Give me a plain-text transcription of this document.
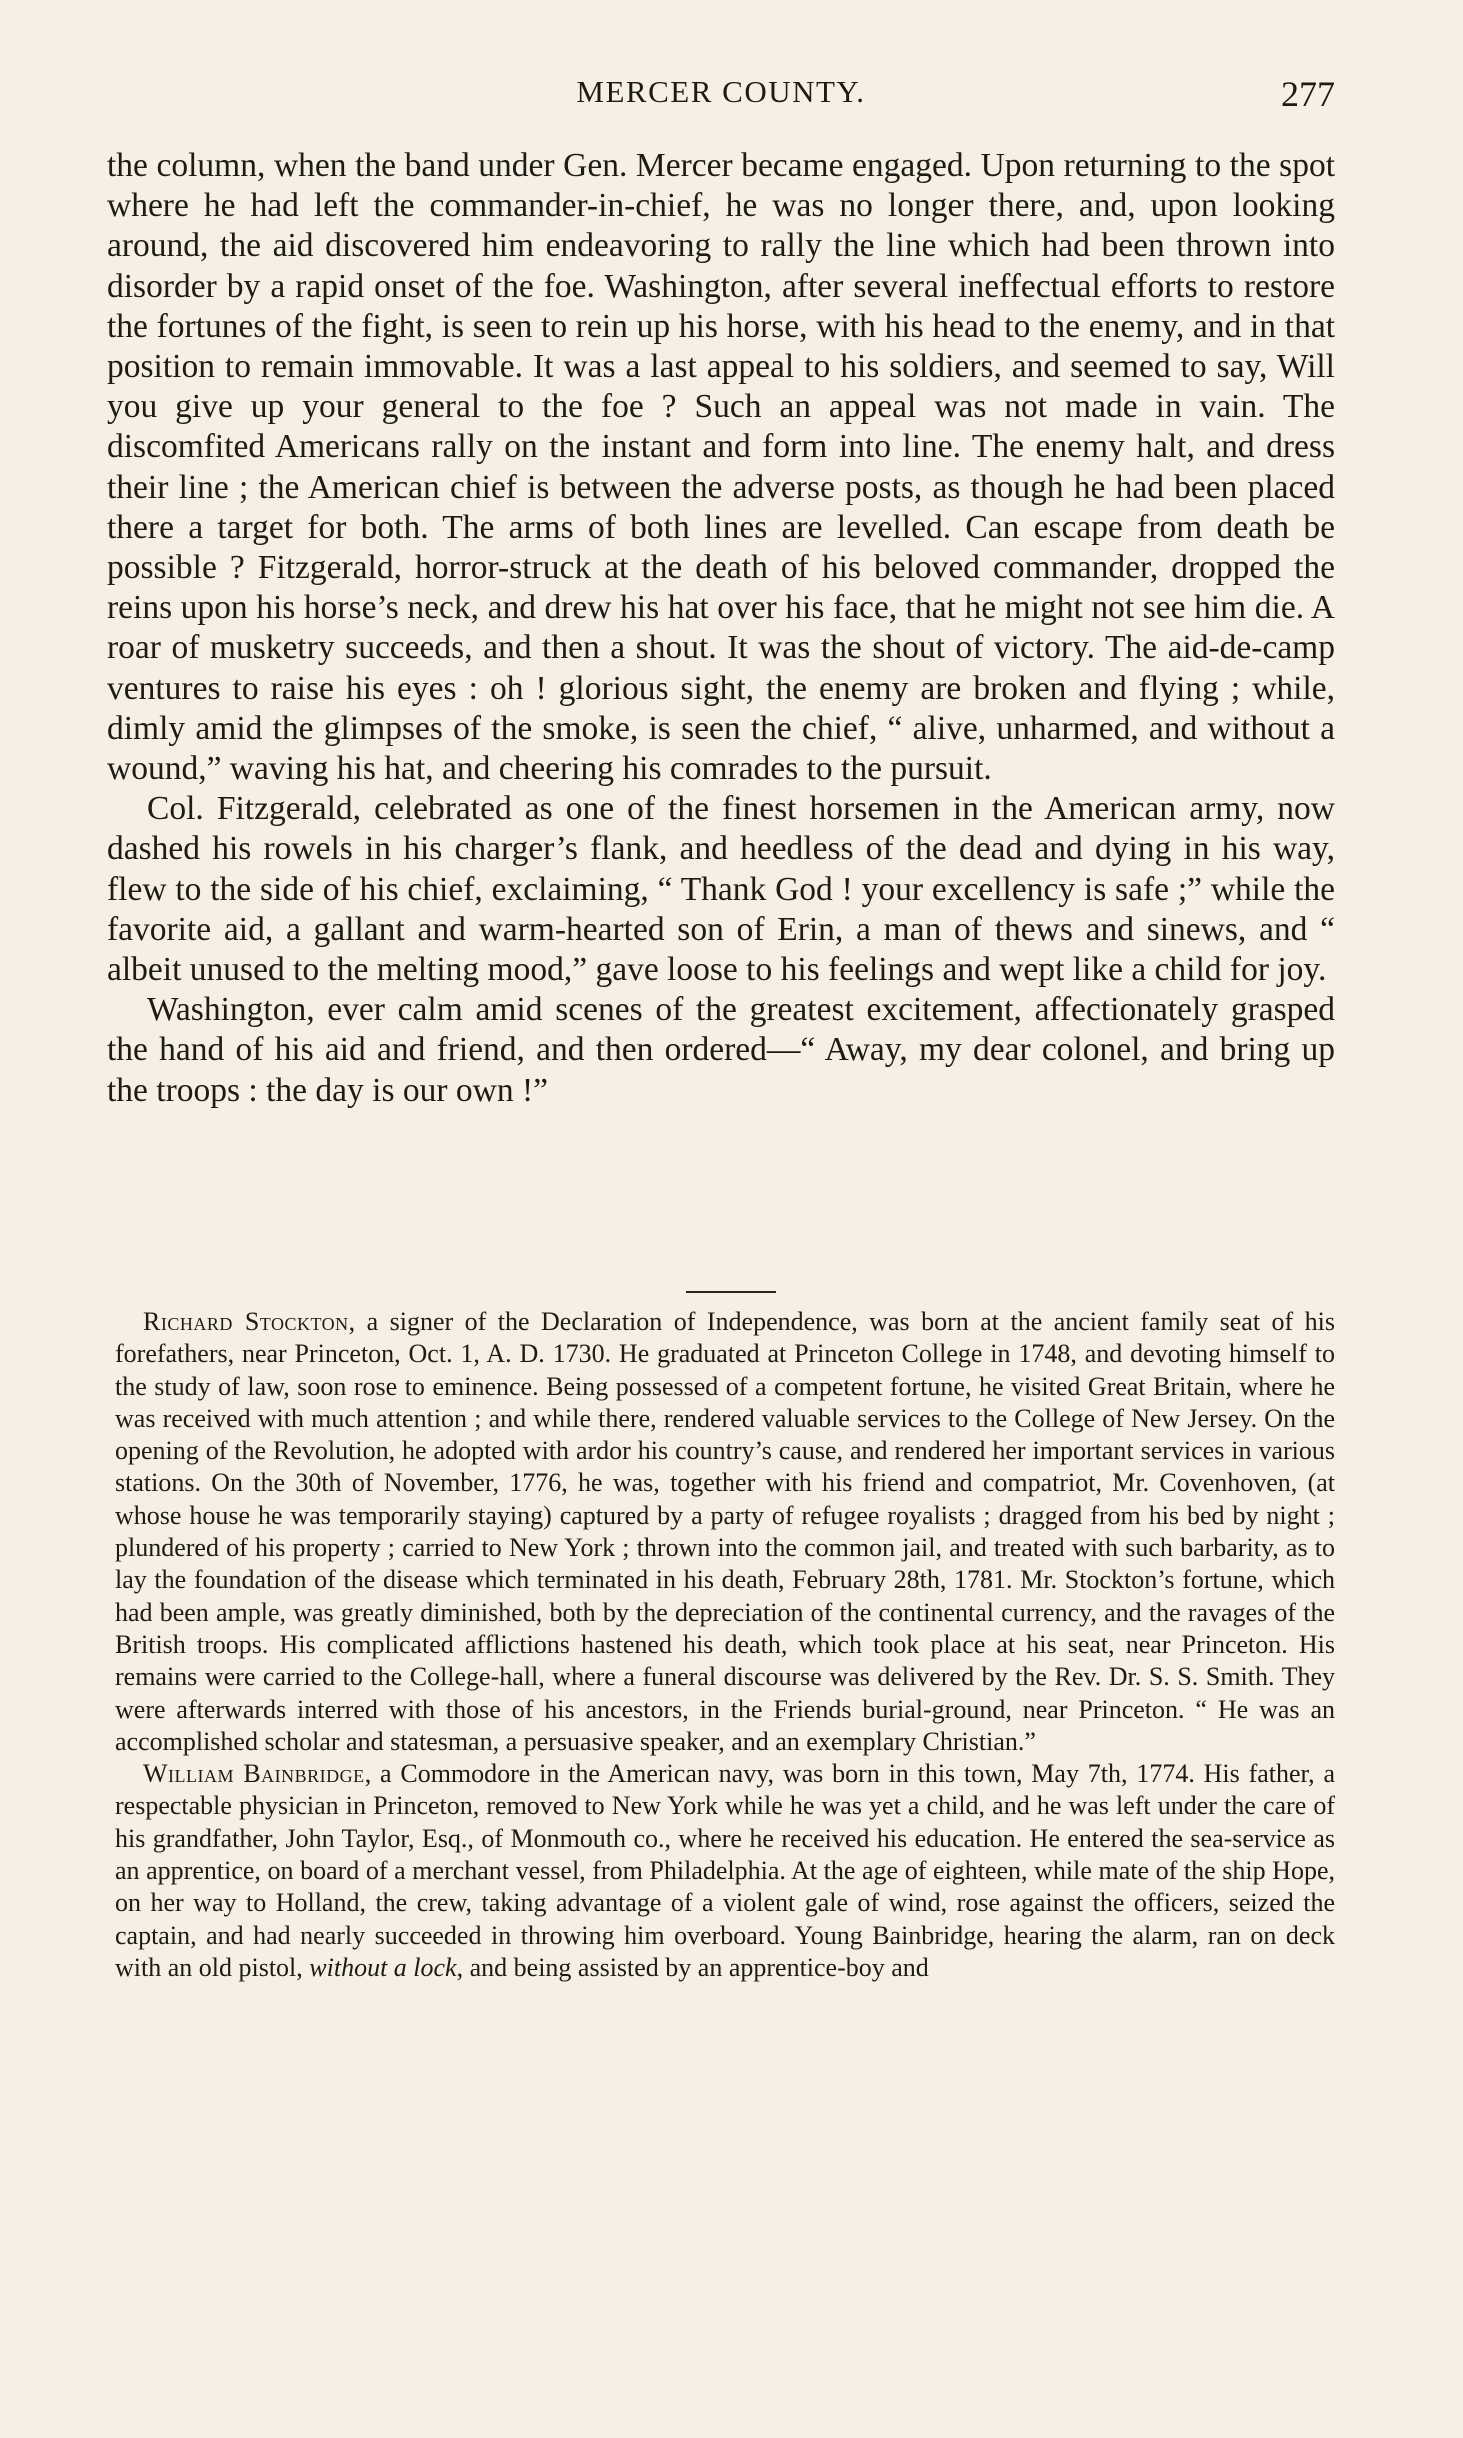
MERCER COUNTY.	277

the column, when the band under Gen. Mercer became engaged. Upon returning to the spot where he had left the commander-in-chief, he was no longer there, and, upon looking around, the aid discovered him endeavoring to rally the line which had been thrown into disorder by a rapid onset of the foe. Washington, after several ineffectual efforts to restore the fortunes of the fight, is seen to rein up his horse, with his head to the enemy, and in that position to remain immovable. It was a last appeal to his soldiers, and seemed to say, Will you give up your general to the foe ? Such an appeal was not made in vain. The discomfited Americans rally on the instant and form into line. The enemy halt, and dress their line ; the American chief is between the adverse posts, as though he had been placed there a target for both. The arms of both lines are levelled. Can escape from death be possible ? Fitzgerald, horror-struck at the death of his beloved commander, dropped the reins upon his horse’s neck, and drew his hat over his face, that he might not see him die. A roar of musketry succeeds, and then a shout. It was the shout of victory. The aid-de-camp ventures to raise his eyes : oh ! glorious sight, the enemy are broken and flying ; while, dimly amid the glimpses of the smoke, is seen the chief, “ alive, unharmed, and without a wound,” waving his hat, and cheering his comrades to the pursuit.

Col. Fitzgerald, celebrated as one of the finest horsemen in the American army, now dashed his rowels in his charger’s flank, and heedless of the dead and dying in his way, flew to the side of his chief, exclaiming, “ Thank God ! your excellency is safe ;” while the favorite aid, a gallant and warm-hearted son of Erin, a man of thews and sinews, and “ albeit unused to the melting mood,” gave loose to his feelings and wept like a child for joy.

Washington, ever calm amid scenes of the greatest excitement, affectionately grasped the hand of his aid and friend, and then ordered—“ Away, my dear colonel, and bring up the troops : the day is our own !”

Richard Stockton, a signer of the Declaration of Independence, was born at the ancient family seat of his forefathers, near Princeton, Oct. 1, A. D. 1730. He graduated at Princeton College in 1748, and devoting himself to the study of law, soon rose to eminence. Being possessed of a competent fortune, he visited Great Britain, where he was received with much attention ; and while there, rendered valuable services to the College of New Jersey. On the opening of the Revolution, he adopted with ardor his country’s cause, and rendered her important services in various stations. On the 30th of November, 1776, he was, together with his friend and compatriot, Mr. Covenhoven, (at whose house he was temporarily staying) captured by a party of refugee royalists ; dragged from his bed by night ; plundered of his property ; carried to New York ; thrown into the common jail, and treated with such barbarity, as to lay the foundation of the disease which terminated in his death, February 28th, 1781. Mr. Stockton’s fortune, which had been ample, was greatly diminished, both by the depreciation of the continental currency, and the ravages of the British troops. His complicated afflictions hastened his death, which took place at his seat, near Princeton. His remains were carried to the College-hall, where a funeral discourse was delivered by the Rev. Dr. S. S. Smith. They were afterwards interred with those of his ancestors, in the Friends burial-ground, near Princeton. “ He was an accomplished scholar and statesman, a persuasive speaker, and an exemplary Christian.”

William Bainbridge, a Commodore in the American navy, was born in this town, May 7th, 1774. His father, a respectable physician in Princeton, removed to New York while he was yet a child, and he was left under the care of his grandfather, John Taylor, Esq., of Monmouth co., where he received his education. He entered the sea-service as an apprentice, on board of a merchant vessel, from Philadelphia. At the age of eighteen, while mate of the ship Hope, on her way to Holland, the crew, taking advantage of a violent gale of wind, rose against the officers, seized the captain, and had nearly succeeded in throwing him overboard. Young Bainbridge, hearing the alarm, ran on deck with an old pistol, without a lock, and being assisted by an apprentice-boy and
